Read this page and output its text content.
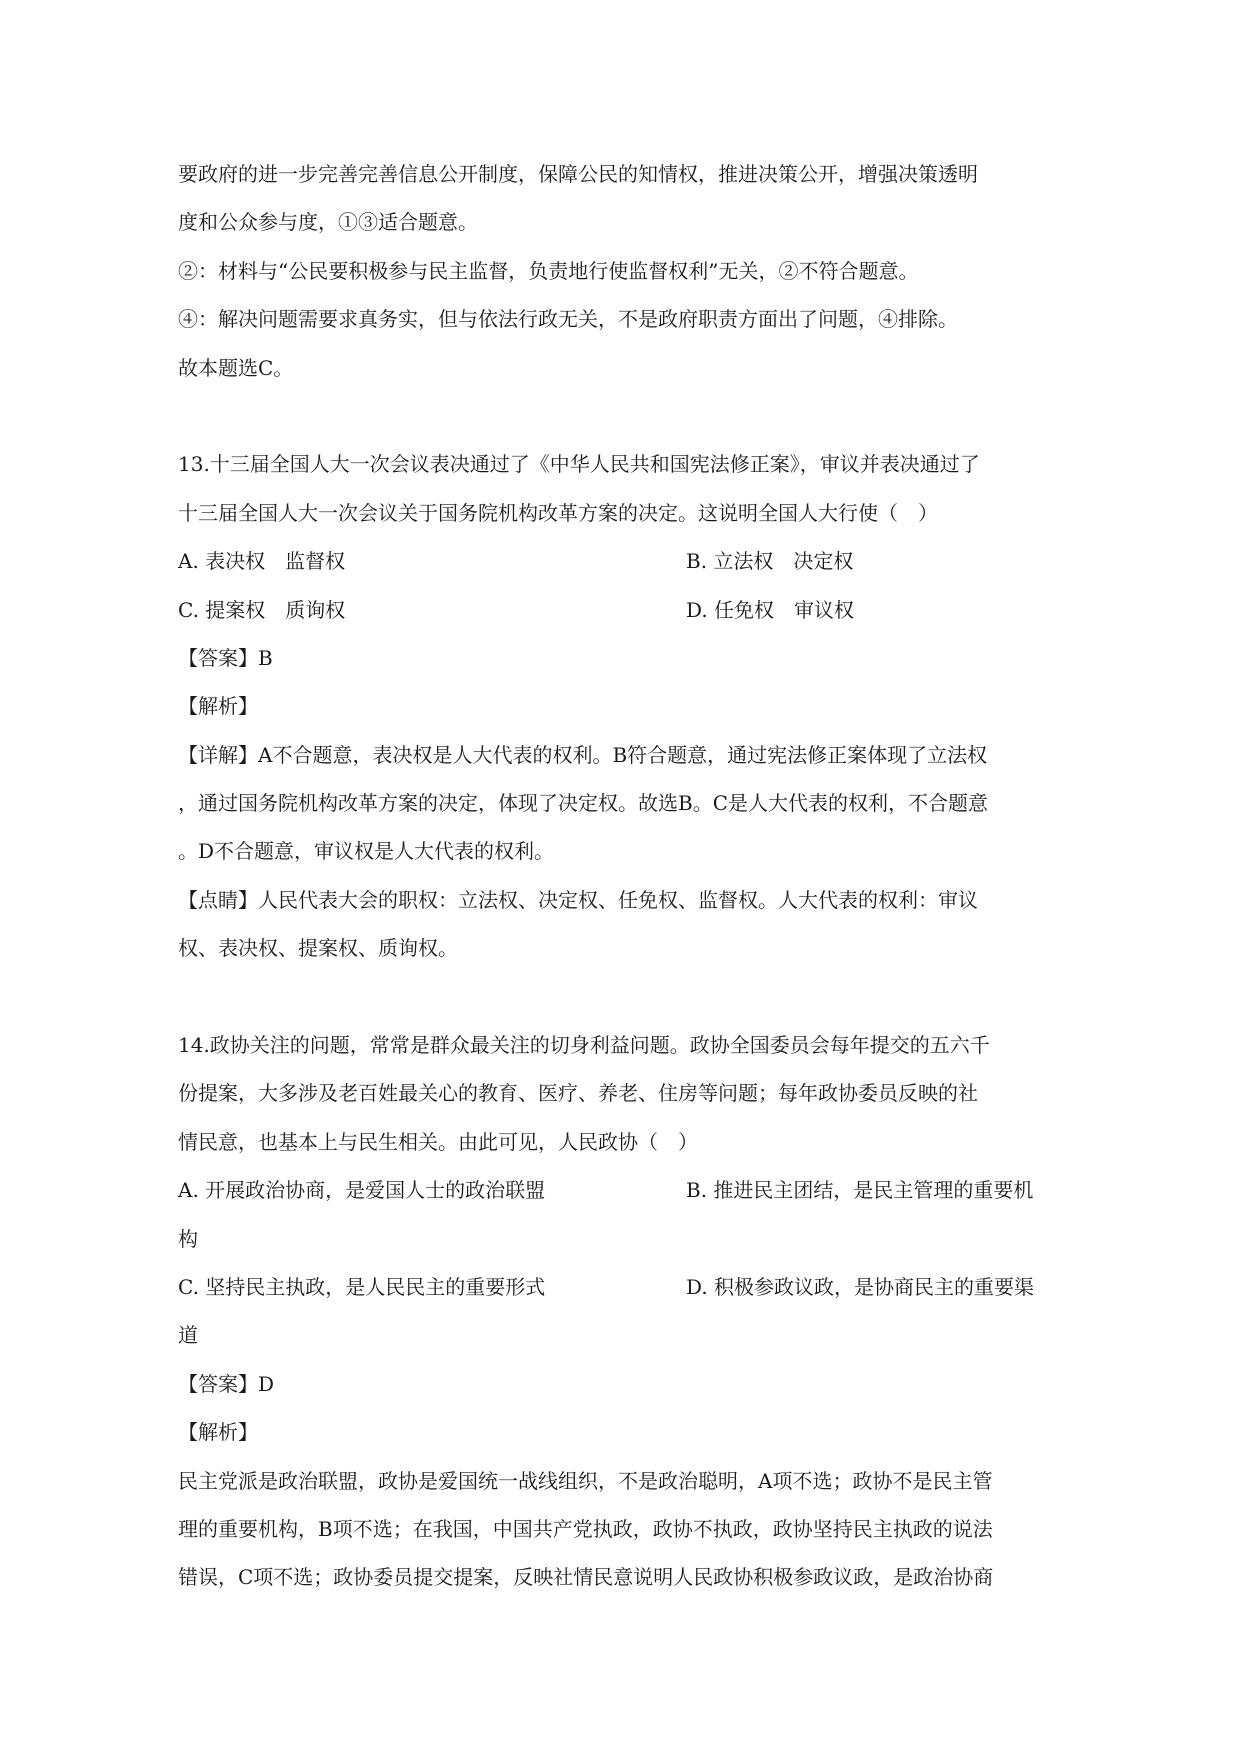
要政府的进一步完善完善信息公开制度，保障公民的知情权，推进决策公开，增强决策透明
度和公众参与度，①③适合题意。
②：材料与“公民要积极参与民主监督，负责地行使监督权利”无关，②不符合题意。
④：解决问题需要求真务实，但与依法行政无关，不是政府职责方面出了问题，④排除。
故本题选C。
13.十三届全国人大一次会议表决通过了《中华人民共和国宪法修正案》，审议并表决通过了
十三届全国人大一次会议关于国务院机构改革方案的决定。这说明全国人大行使（　）
A. 表决权　监督权	B. 立法权　决定权
C. 提案权　质询权	D. 任免权　审议权
【答案】B
【解析】
【详解】A不合题意，表决权是人大代表的权利。B符合题意，通过宪法修正案体现了立法权
，通过国务院机构改革方案的决定，体现了决定权。故选B。C是人大代表的权利，不合题意
。D不合题意，审议权是人大代表的权利。
【点睛】人民代表大会的职权：立法权、决定权、任免权、监督权。人大代表的权利：审议
权、表决权、提案权、质询权。
14.政协关注的问题，常常是群众最关注的切身利益问题。政协全国委员会每年提交的五六千
份提案，大多涉及老百姓最关心的教育、医疗、养老、住房等问题；每年政协委员反映的社
情民意，也基本上与民生相关。由此可见，人民政协（　）
A. 开展政治协商，是爱国人士的政治联盟	B. 推进民主团结，是民主管理的重要机
构
C. 坚持民主执政，是人民民主的重要形式	D. 积极参政议政，是协商民主的重要渠
道
【答案】D
【解析】
民主党派是政治联盟，政协是爱国统一战线组织，不是政治聪明，A项不选；政协不是民主管
理的重要机构，B项不选；在我国，中国共产党执政，政协不执政，政协坚持民主执政的说法
错误，C项不选；政协委员提交提案，反映社情民意说明人民政协积极参政议政，是政治协商
